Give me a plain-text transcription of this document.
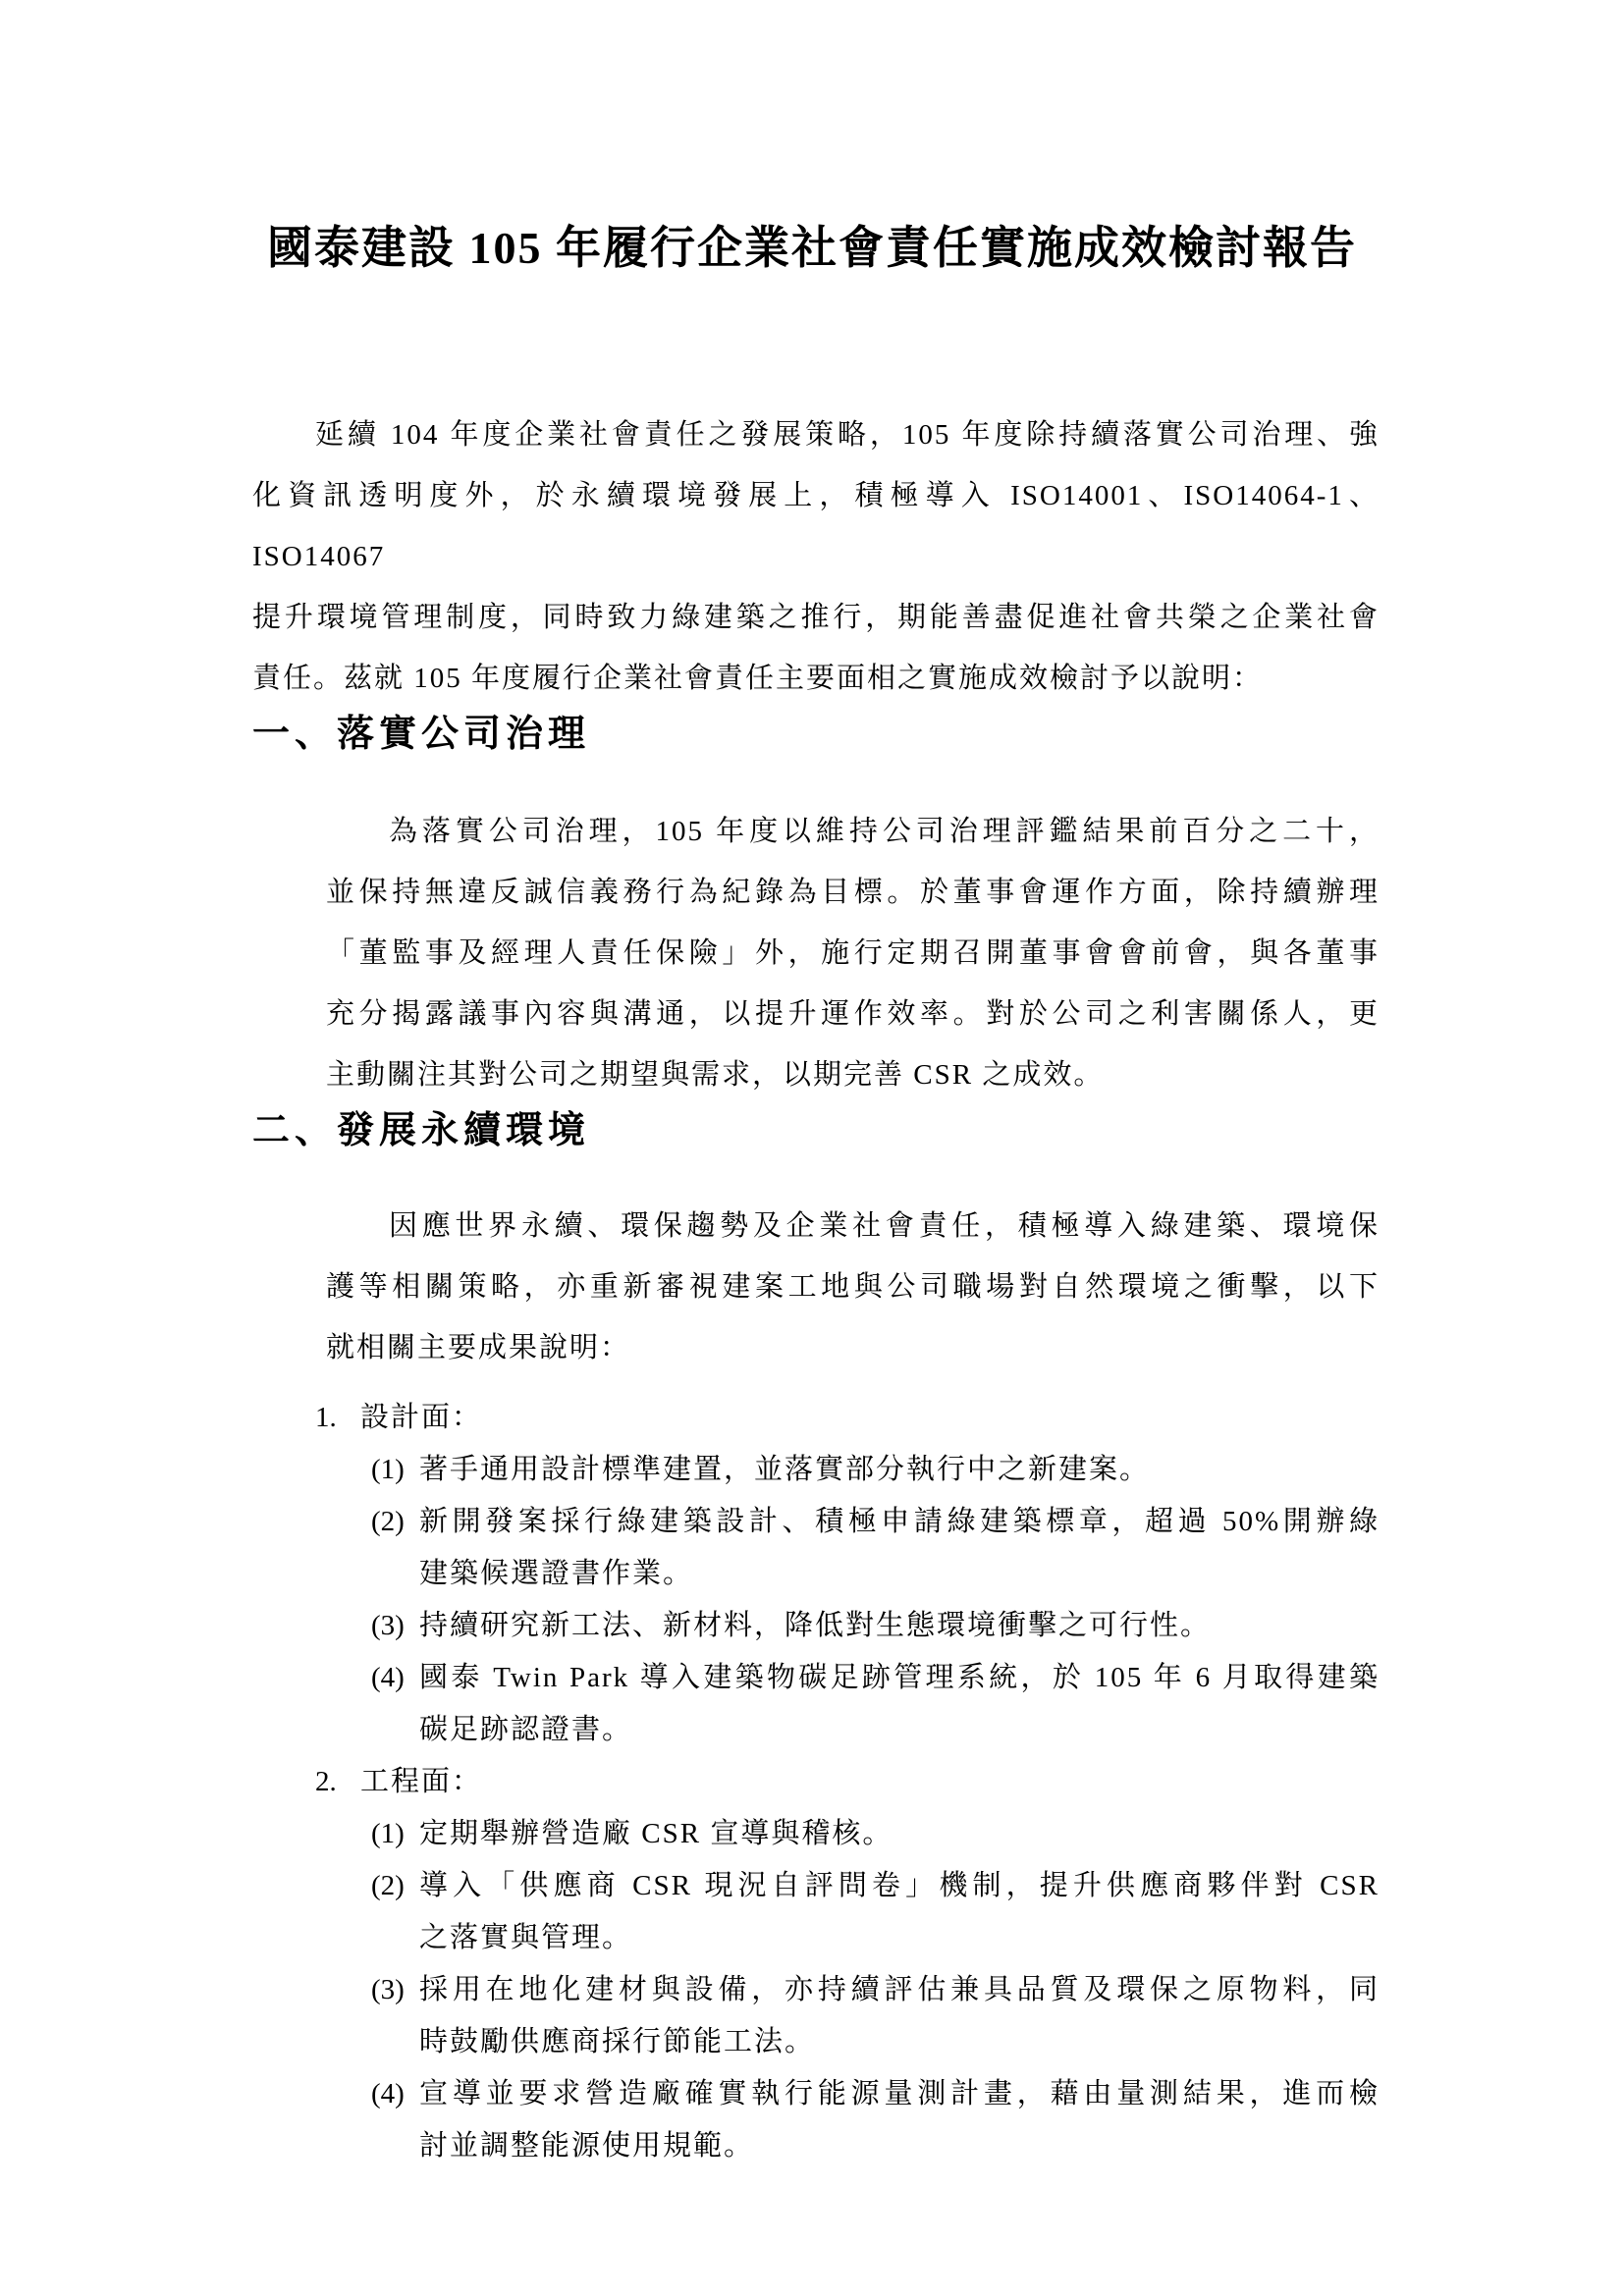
國泰建設 105 年履行企業社會責任實施成效檢討報告
延續 104 年度企業社會責任之發展策略，105 年度除持續落實公司治理、強
化資訊透明度外，於永續環境發展上，積極導入 ISO14001、ISO14064-1、ISO14067
提升環境管理制度，同時致力綠建築之推行，期能善盡促進社會共榮之企業社會
責任。茲就 105 年度履行企業社會責任主要面相之實施成效檢討予以說明：
一、落實公司治理
為落實公司治理，105 年度以維持公司治理評鑑結果前百分之二十，
並保持無違反誠信義務行為紀錄為目標。於董事會運作方面，除持續辦理
「董監事及經理人責任保險」外，施行定期召開董事會會前會，與各董事
充分揭露議事內容與溝通，以提升運作效率。對於公司之利害關係人，更
主動關注其對公司之期望與需求，以期完善 CSR 之成效。
二、發展永續環境
因應世界永續、環保趨勢及企業社會責任，積極導入綠建築、環境保
護等相關策略，亦重新審視建案工地與公司職場對自然環境之衝擊，以下
就相關主要成果說明：
1. 設計面：
(1) 著手通用設計標準建置，並落實部分執行中之新建案。
(2) 新開發案採行綠建築設計、積極申請綠建築標章，超過 50%開辦綠
建築候選證書作業。
(3) 持續研究新工法、新材料，降低對生態環境衝擊之可行性。
(4) 國泰 Twin Park 導入建築物碳足跡管理系統，於 105 年 6 月取得建築
碳足跡認證書。
2. 工程面：
(1) 定期舉辦營造廠 CSR 宣導與稽核。
(2) 導入「供應商 CSR 現況自評問卷」機制，提升供應商夥伴對 CSR
之落實與管理。
(3) 採用在地化建材與設備，亦持續評估兼具品質及環保之原物料，同
時鼓勵供應商採行節能工法。
(4) 宣導並要求營造廠確實執行能源量測計畫，藉由量測結果，進而檢
討並調整能源使用規範。
